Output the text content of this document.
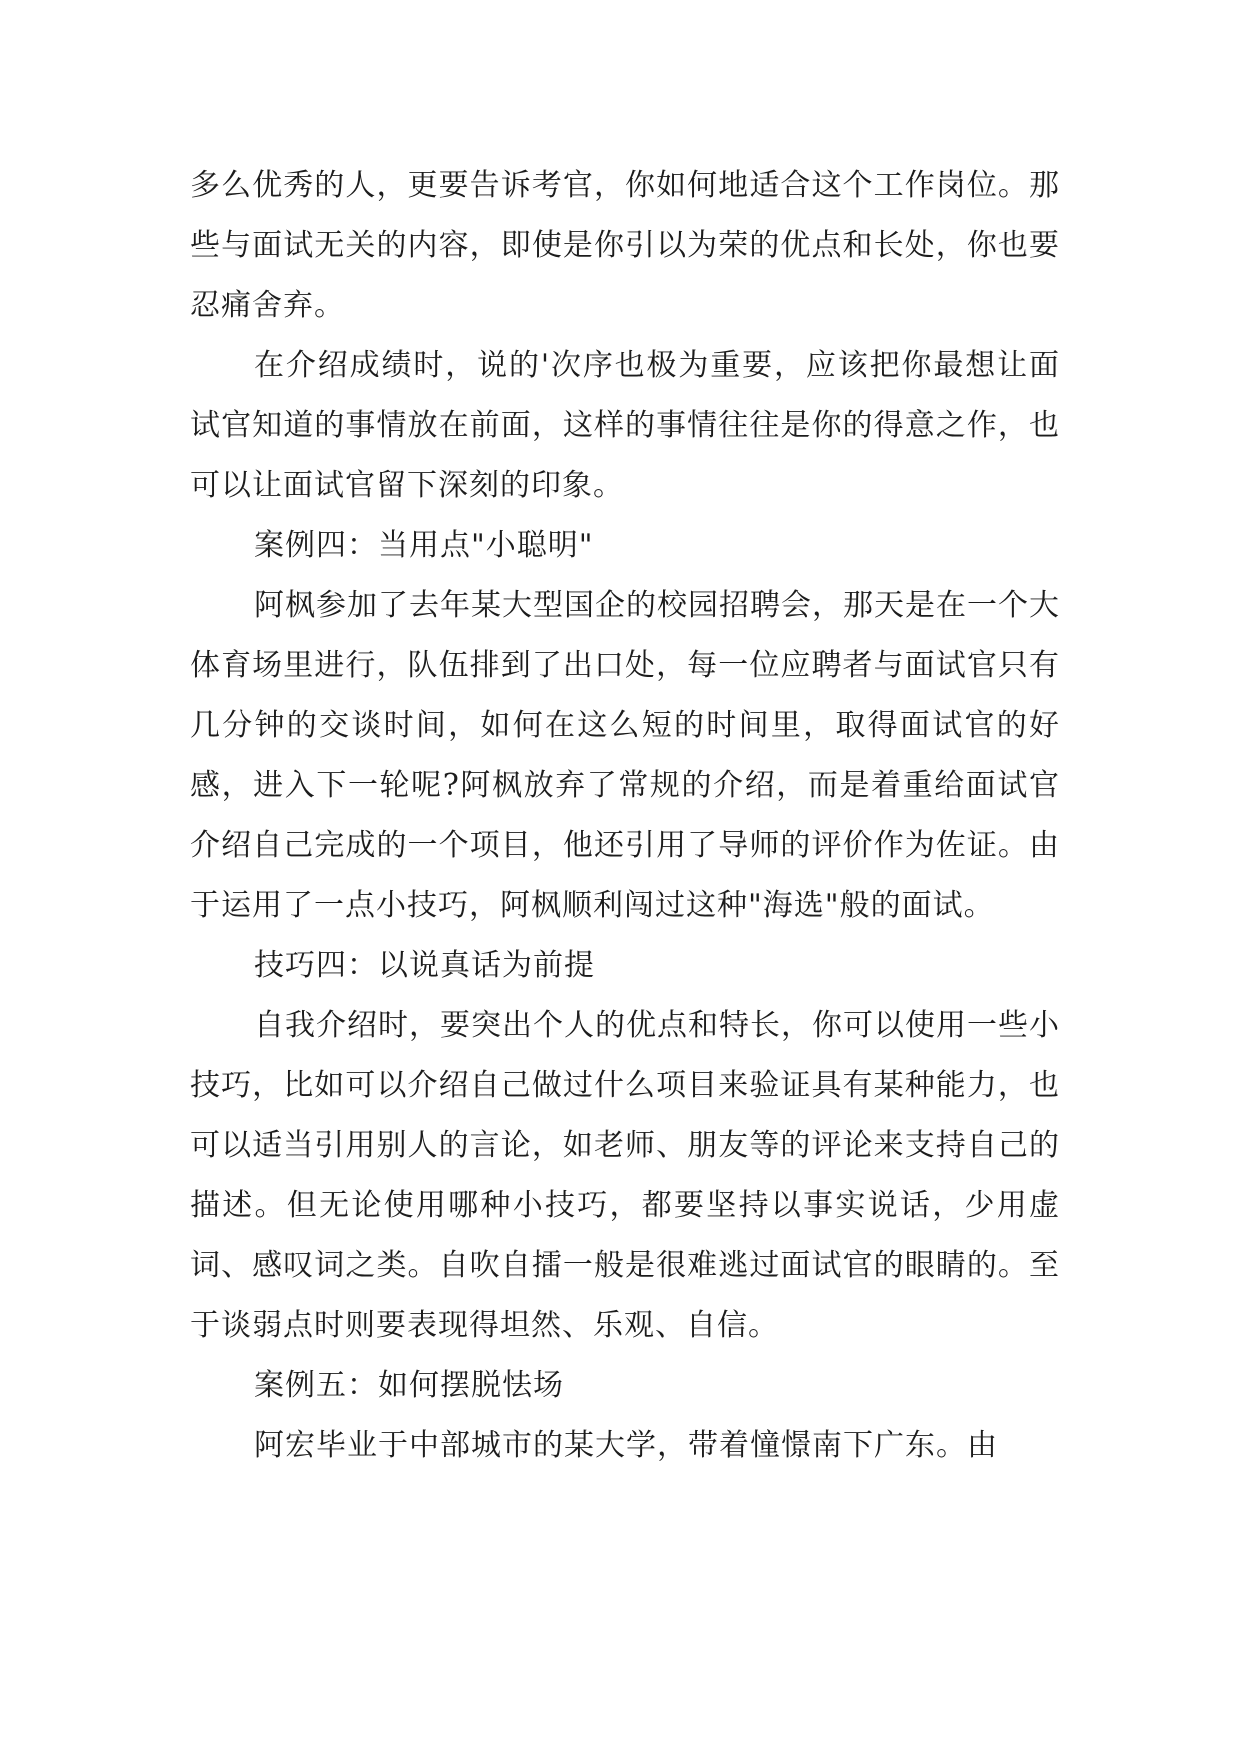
多么优秀的人，更要告诉考官，你如何地适合这个工作岗位。那些与面试无关的内容，即使是你引以为荣的优点和长处，你也要忍痛舍弃。

在介绍成绩时，说的'次序也极为重要，应该把你最想让面试官知道的事情放在前面，这样的事情往往是你的得意之作，也可以让面试官留下深刻的印象。

案例四：当用点"小聪明"

阿枫参加了去年某大型国企的校园招聘会，那天是在一个大体育场里进行，队伍排到了出口处，每一位应聘者与面试官只有几分钟的交谈时间，如何在这么短的时间里，取得面试官的好感，进入下一轮呢?阿枫放弃了常规的介绍，而是着重给面试官介绍自己完成的一个项目，他还引用了导师的评价作为佐证。由于运用了一点小技巧，阿枫顺利闯过这种"海选"般的面试。

技巧四：以说真话为前提

自我介绍时，要突出个人的优点和特长，你可以使用一些小技巧，比如可以介绍自己做过什么项目来验证具有某种能力，也可以适当引用别人的言论，如老师、朋友等的评论来支持自己的描述。但无论使用哪种小技巧，都要坚持以事实说话，少用虚词、感叹词之类。自吹自擂一般是很难逃过面试官的眼睛的。至于谈弱点时则要表现得坦然、乐观、自信。

案例五：如何摆脱怯场

阿宏毕业于中部城市的某大学，带着憧憬南下广东。由
